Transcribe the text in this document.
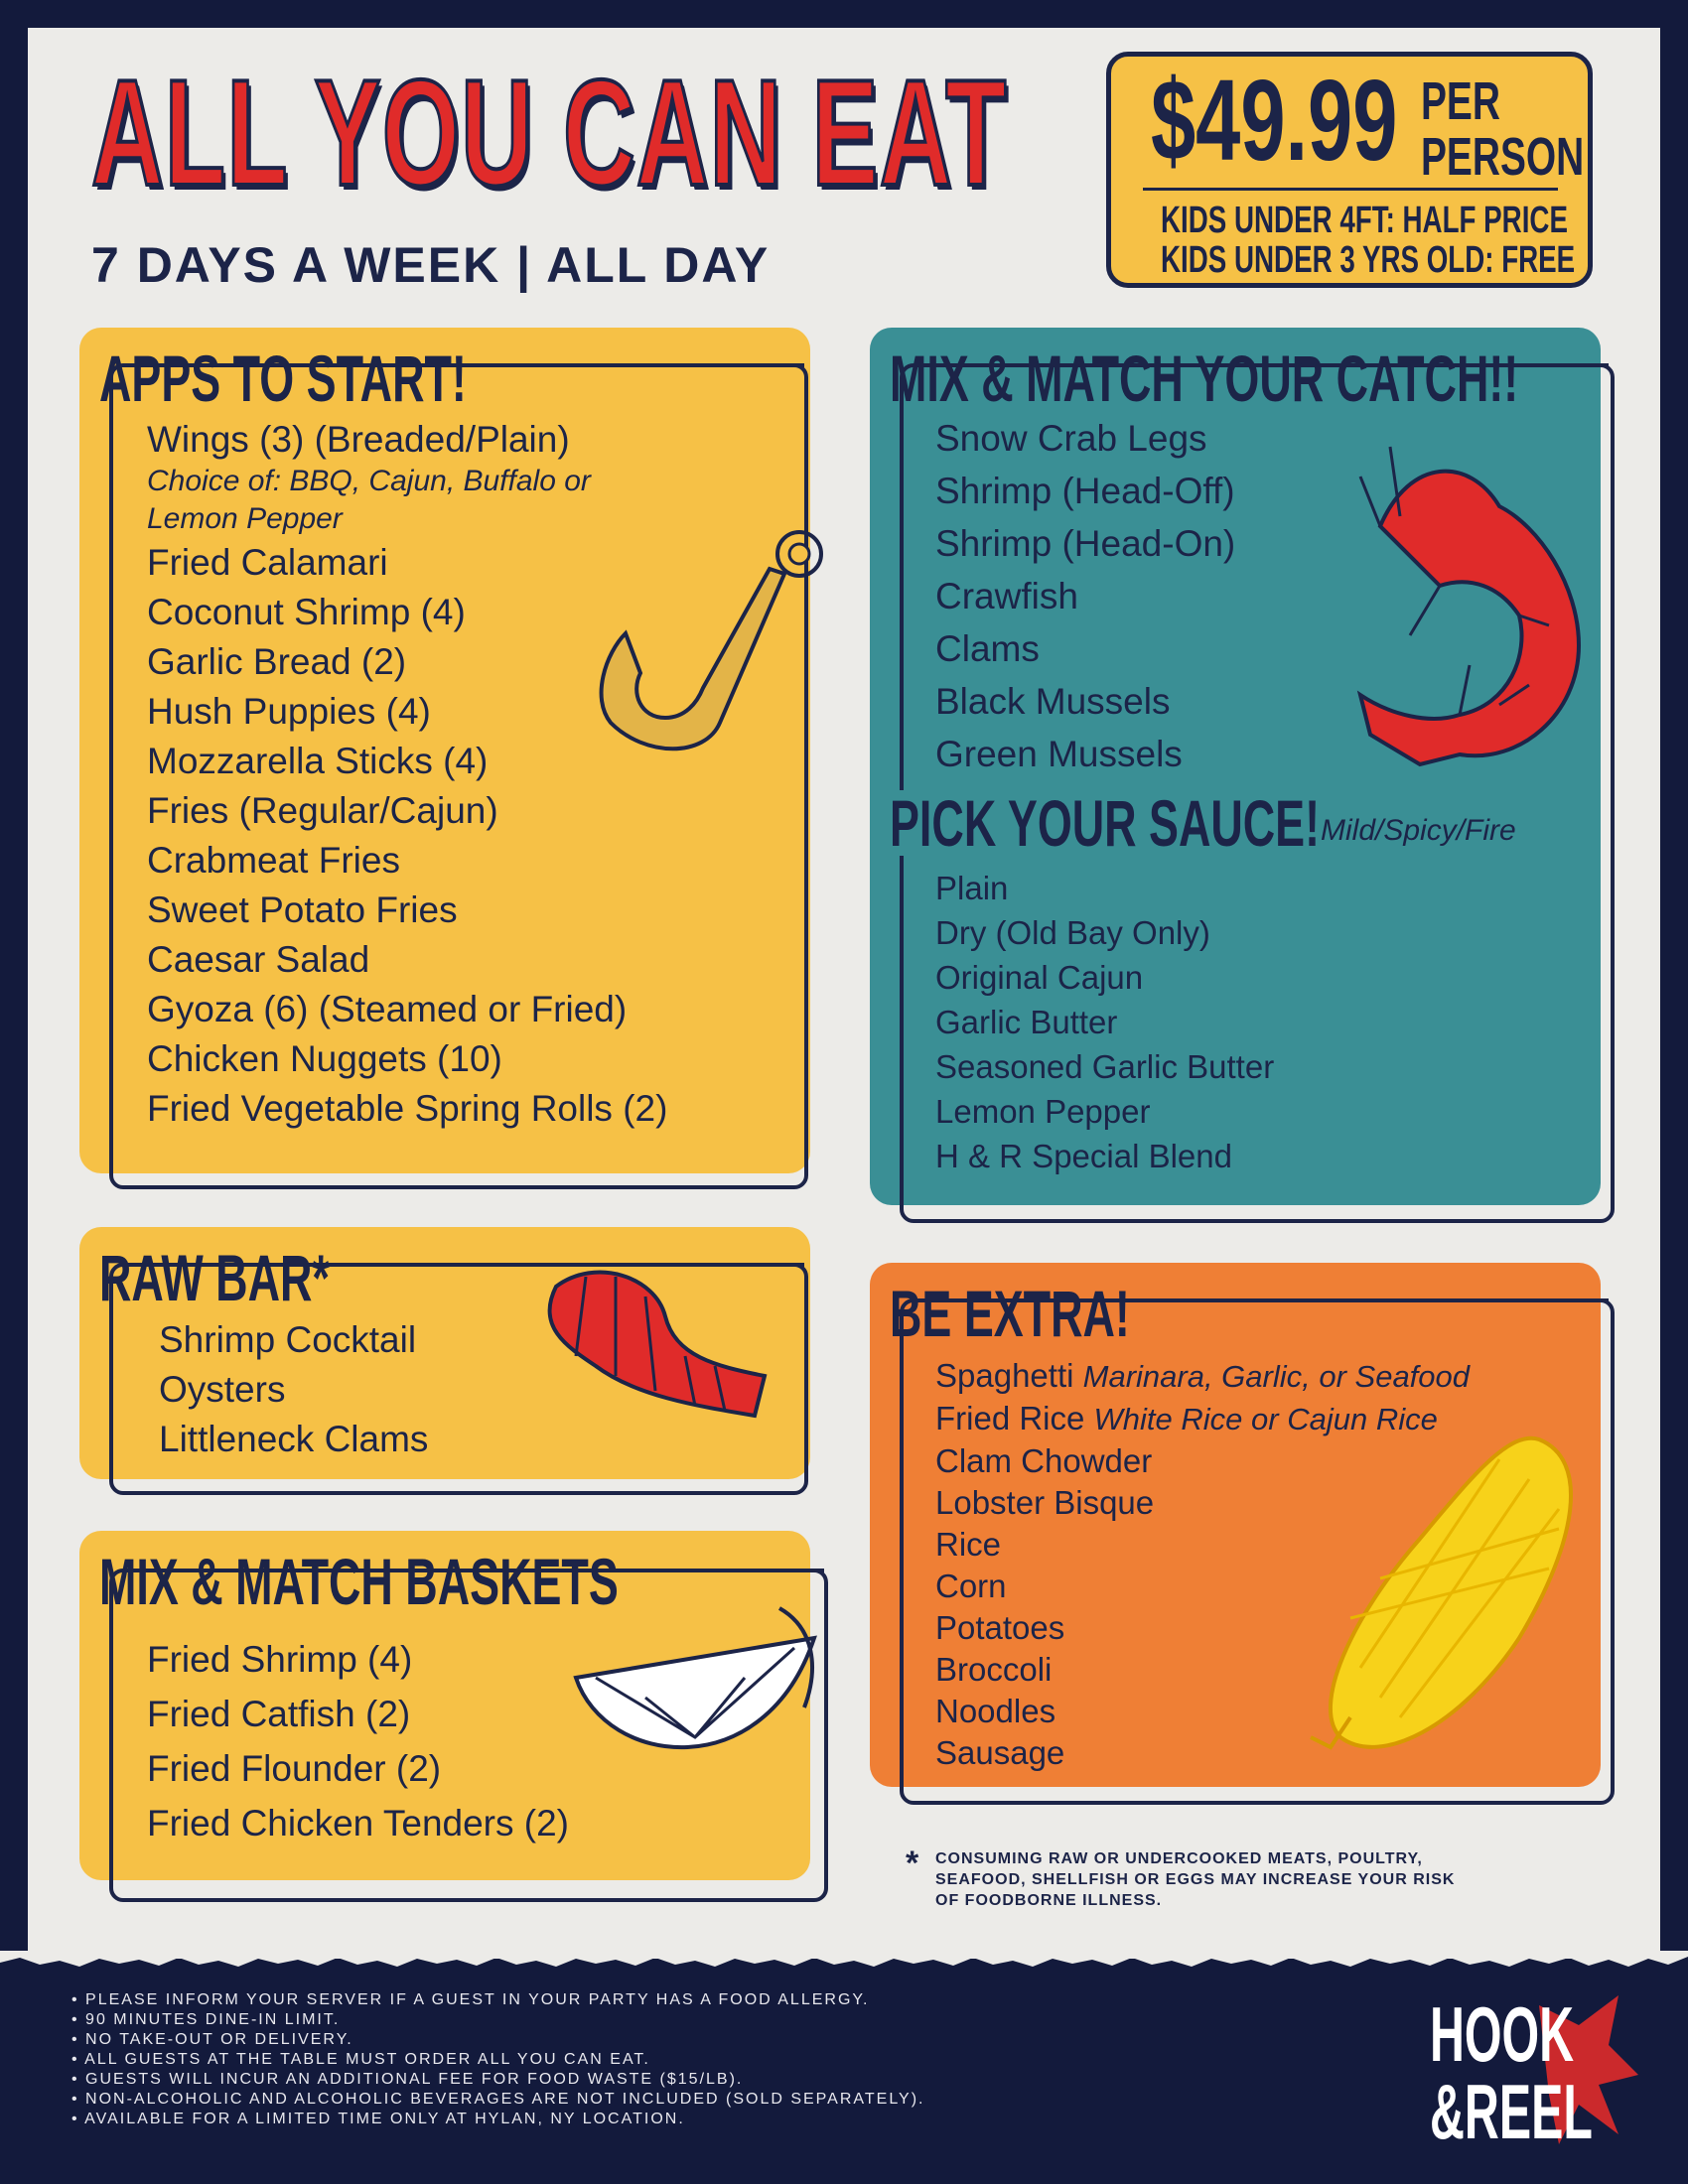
ALL YOU CAN EAT
7 DAYS A WEEK | ALL DAY
$49.99 PER
PERSON
KIDS UNDER 4FT: HALF PRICE
KIDS UNDER 3 YRS OLD: FREE
APPS TO START!
Wings (3) (Breaded/Plain)
Choice of: BBQ, Cajun, Buffalo or
Lemon Pepper
Fried Calamari
Coconut Shrimp (4)
Garlic Bread (2)
Hush Puppies (4)
Mozzarella Sticks (4)
Fries (Regular/Cajun)
Crabmeat Fries
Sweet Potato Fries
Caesar Salad
Gyoza (6) (Steamed or Fried)
Chicken Nuggets (10)
Fried Vegetable Spring Rolls (2)
MIX & MATCH YOUR CATCH!!
Snow Crab Legs
Shrimp (Head-Off)
Shrimp (Head-On)
Crawfish
Clams
Black Mussels
Green Mussels
PICK YOUR SAUCE! Mild/Spicy/Fire
Plain
Dry (Old Bay Only)
Original Cajun
Garlic Butter
Seasoned Garlic Butter
Lemon Pepper
H & R Special Blend
RAW BAR*
Shrimp Cocktail
Oysters
Littleneck Clams
MIX & MATCH BASKETS
Fried Shrimp (4)
Fried Catfish (2)
Fried Flounder (2)
Fried Chicken Tenders (2)
BE EXTRA!
Spaghetti Marinara, Garlic, or Seafood
Fried Rice White Rice or Cajun Rice
Clam Chowder
Lobster Bisque
Rice
Corn
Potatoes
Broccoli
Noodles
Sausage
* CONSUMING RAW OR UNDERCOOKED MEATS, POULTRY,
SEAFOOD, SHELLFISH OR EGGS MAY INCREASE YOUR RISK
OF FOODBORNE ILLNESS.
• PLEASE INFORM YOUR SERVER IF A GUEST IN YOUR PARTY HAS A FOOD ALLERGY.
• 90 MINUTES DINE-IN LIMIT.
• NO TAKE-OUT OR DELIVERY.
• ALL GUESTS AT THE TABLE MUST ORDER ALL YOU CAN EAT.
• GUESTS WILL INCUR AN ADDITIONAL FEE FOR FOOD WASTE ($15/LB).
• NON-ALCOHOLIC AND ALCOHOLIC BEVERAGES ARE NOT INCLUDED (SOLD SEPARATELY).
• AVAILABLE FOR A LIMITED TIME ONLY AT HYLAN, NY LOCATION.
HOOK
&REEL
